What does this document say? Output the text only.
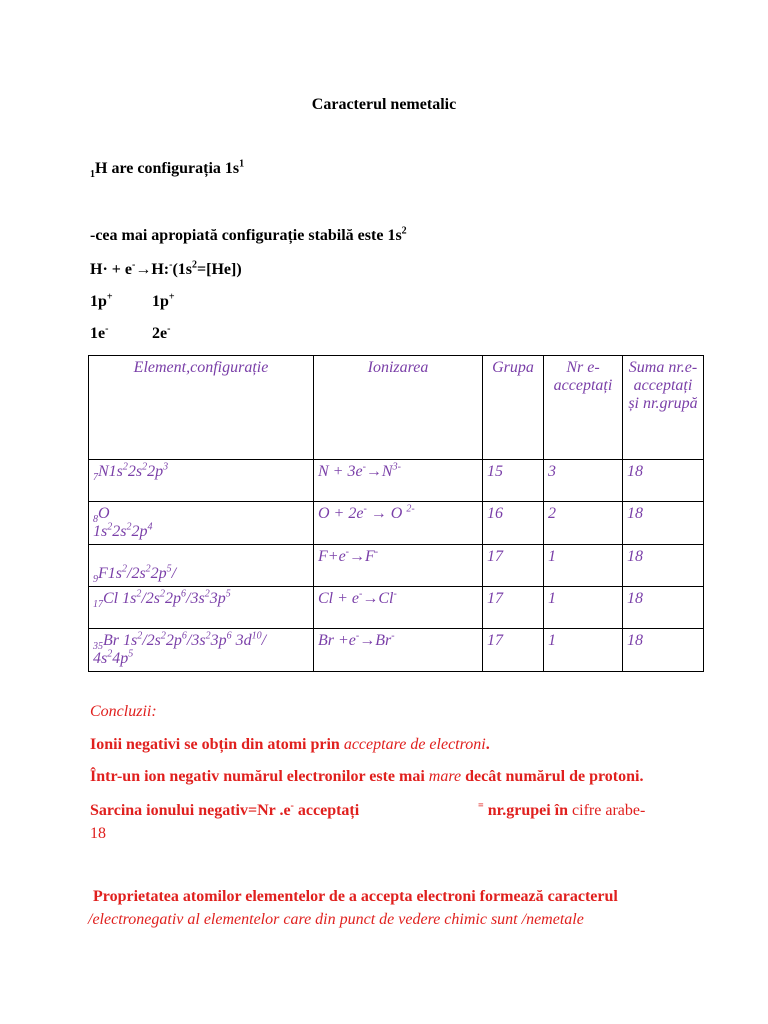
Caracterul nemetalic
$_1$H are configurația $1s^1$
-cea mai apropiată configurație stabilă este $1s^2$
$H\cdot + e^-\to H:^-(1s^2=[He])$
1p+ 1p+
1e-	2e-
Element,configurație	Ionizarea	Grupa	Nr e- acceptați	Suma nr.e- acceptați și nr.grupă
$_7N1s^22s^22p^3$	$N + 3e^-\to N^{3-}$	15	3	18
$_8$O
$1s^22s^22p^4$	O + 2e- → O $^{2-}$	16	2	18
$_9F1s^2/2s^22p^5/$	F+e-→F-	17	1	18
$_{17}$Cl $1s^2/2s^22p^6/3s^23p^5$	Cl + e-→Cl-	17	1	18
$_{35}$Br $1s^2/2s^22p^6/3s^23p^6$ $3d^{10}/$
$4s^24p^5$	Br +e-→Br-	17	1	18
Concluzii:
Ionii negativi se obțin din atomi prin acceptare de electroni.
Într-un ion negativ numărul electronilor este mai mare decât numărul de protoni.
Sarcina ionului negativ=Nr .e- acceptați	= nr.grupei în cifre arabe-
18
Proprietatea atomilor elementelor de a accepta electroni formează caracterul
/electronegativ al elementelor care din punct de vedere chimic sunt /nemetale
